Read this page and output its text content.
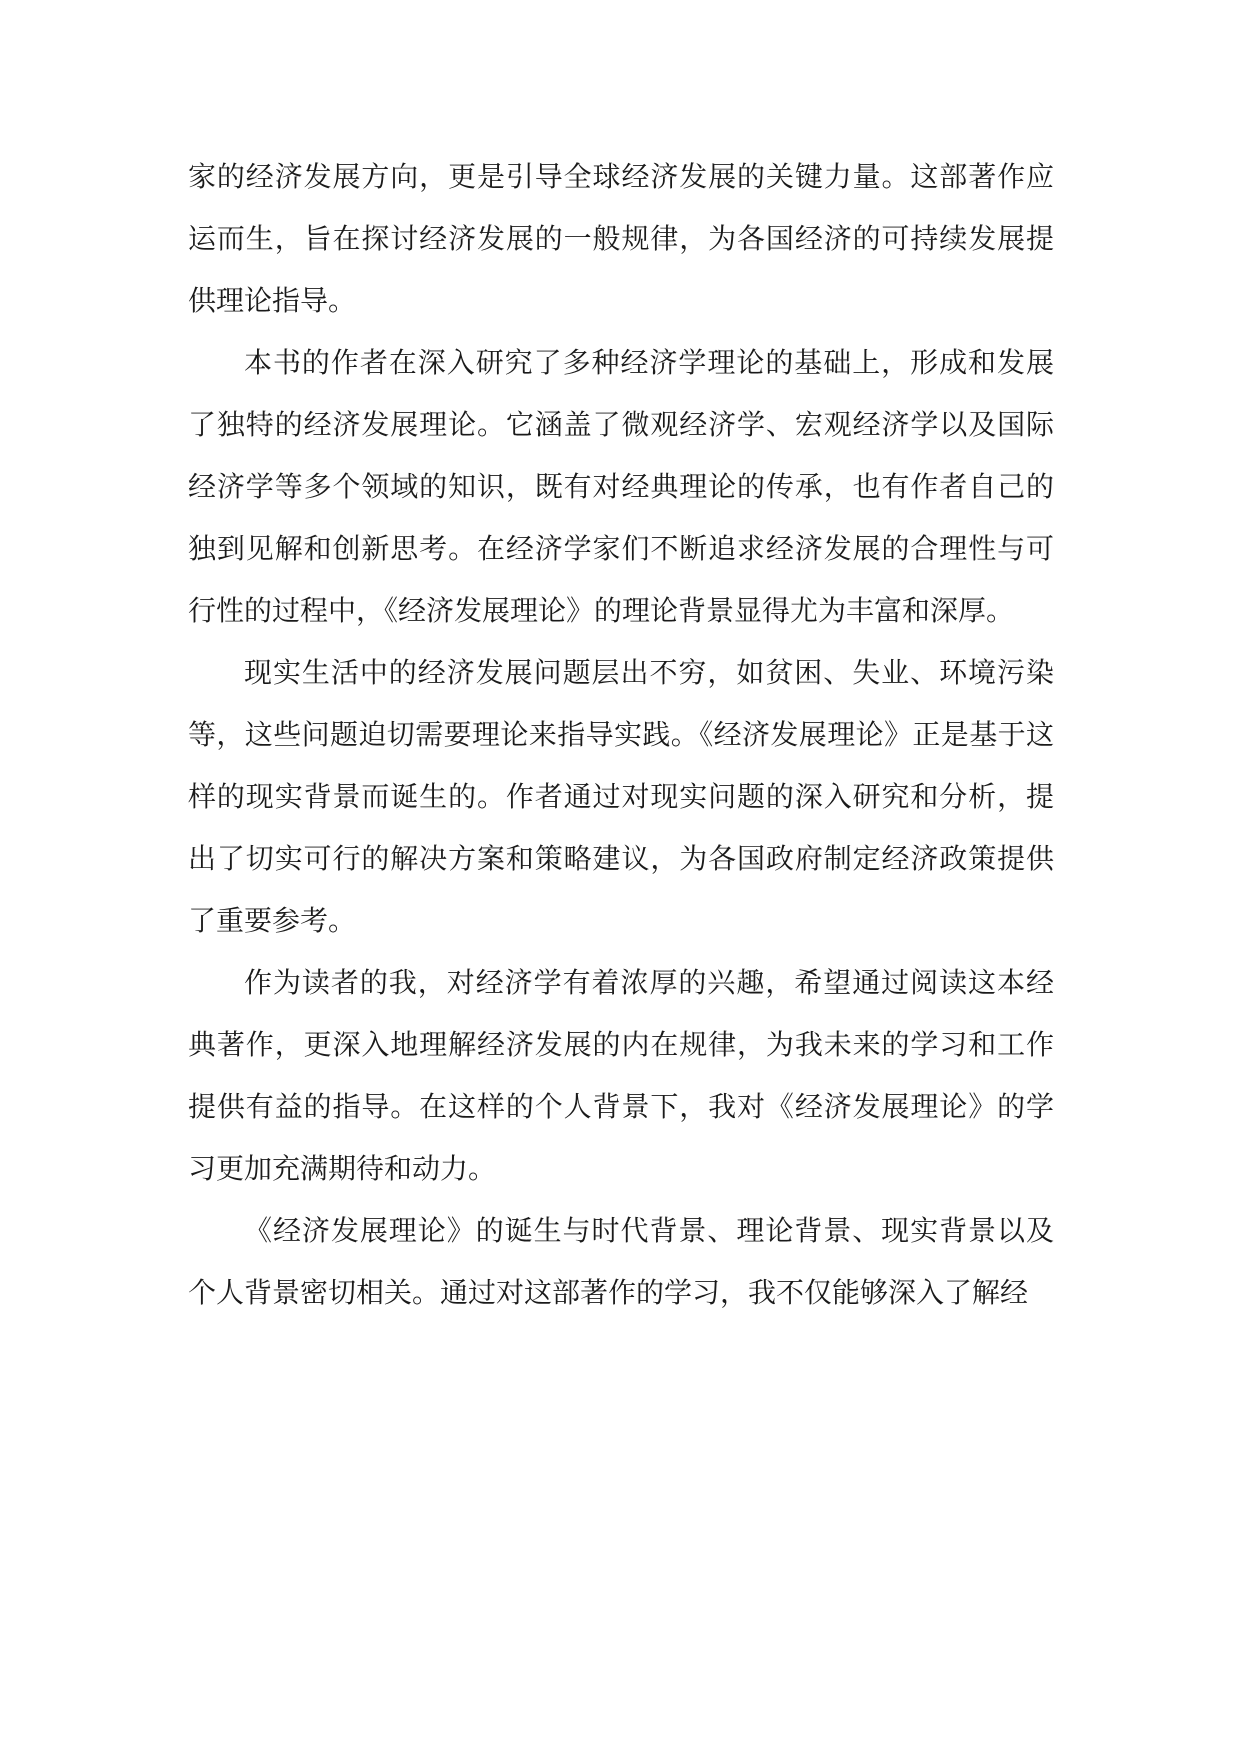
家的经济发展方向，更是引导全球经济发展的关键力量。这部著作应运而生，旨在探讨经济发展的一般规律，为各国经济的可持续发展提供理论指导。

本书的作者在深入研究了多种经济学理论的基础上，形成和发展了独特的经济发展理论。它涵盖了微观经济学、宏观经济学以及国际经济学等多个领域的知识，既有对经典理论的传承，也有作者自己的独到见解和创新思考。在经济学家们不断追求经济发展的合理性与可行性的过程中，《经济发展理论》的理论背景显得尤为丰富和深厚。

现实生活中的经济发展问题层出不穷，如贫困、失业、环境污染等，这些问题迫切需要理论来指导实践。《经济发展理论》正是基于这样的现实背景而诞生的。作者通过对现实问题的深入研究和分析，提出了切实可行的解决方案和策略建议，为各国政府制定经济政策提供了重要参考。

作为读者的我，对经济学有着浓厚的兴趣，希望通过阅读这本经典著作，更深入地理解经济发展的内在规律，为我未来的学习和工作提供有益的指导。在这样的个人背景下，我对《经济发展理论》的学习更加充满期待和动力。

《经济发展理论》的诞生与时代背景、理论背景、现实背景以及个人背景密切相关。通过对这部著作的学习，我不仅能够深入了解经
